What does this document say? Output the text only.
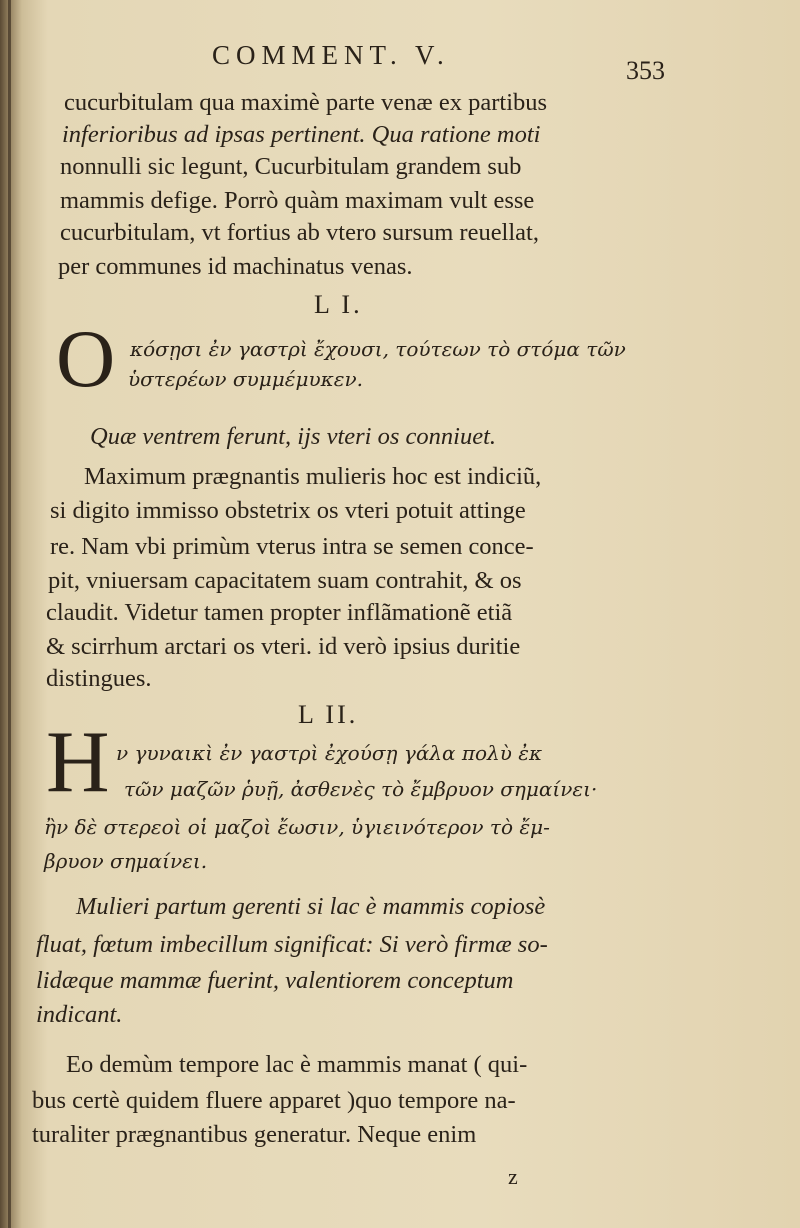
COMMENT. V.
353
cucurbitulam qua maximè parte venæ ex partibus
inferioribus ad ipsas pertinent. Qua ratione moti
nonnulli sic legunt, Cucurbitulam grandem sub
mammis defige. Porrò quàm maximam vult esse
cucurbitulam, vt fortius ab vtero sursum reuellat,
per communes id machinatus venas.
L I.
O κόσῃσι ἐν γαστρὶ ἔχουσι, τούτεων τὸ στόμα τῶν
ὑστερέων συμμέμυκεν.
Quæ ventrem ferunt, ijs vteri os conniuet.
Maximum prægnantis mulieris hoc est indiciũ,
si digito immisso obstetrix os vteri potuit attinge
re. Nam vbi primùm vterus intra se semen conce-
pit, vniuersam capacitatem suam contrahit, & os
claudit. Videtur tamen propter inflãmationẽ etiã
& scirrhum arctari os vteri. id verò ipsius duritie
distingues.
L II.
H ν γυναικὶ ἐν γαστρὶ ἐχούσῃ γάλα πολὺ ἐκ
τῶν μαζῶν ῥυῇ, ἀσθενὲς τὸ ἔμβρυον σημαίνει·
ἢν δὲ στερεοὶ οἱ μαζοὶ ἔωσιν, ὑγιεινότερον τὸ ἔμ-
βρυον σημαίνει.
Mulieri partum gerenti si lac è mammis copiosè
fluat, fœtum imbecillum significat: Si verò firmæ so-
lidæque mammæ fuerint, valentiorem conceptum
indicant.
Eo demùm tempore lac è mammis manat ( qui-
bus certè quidem fluere apparet )quo tempore na-
turaliter prægnantibus generatur. Neque enim
z
